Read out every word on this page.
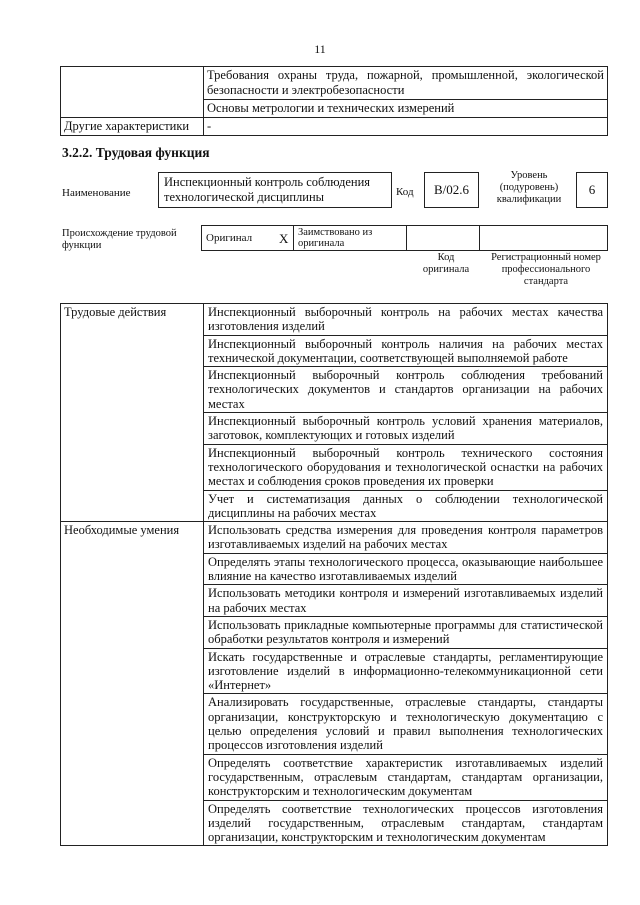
11
	Требования охраны труда, пожарной, промышленной, экологической безопасности и электробезопасности
	Основы метрологии и технических измерений
Другие характеристики	-
3.2.2. Трудовая функция
Наименование
Инспекционный контроль соблюдения технологической дисциплины	Код	B/02.6
Уровень (подуровень) квалификации
6
Происхождение трудовой функции
Оригинал	X	Заимствовано из оригинала		
Код оригинала
Регистрационный номер профессионального стандарта
Трудовые действия	Инспекционный выборочный контроль на рабочих местах качества изготовления изделий
	Инспекционный выборочный контроль наличия на рабочих местах технической документации, соответствующей выполняемой работе
	Инспекционный выборочный контроль соблюдения требований технологических документов и стандартов организации на рабочих местах
	Инспекционный выборочный контроль условий хранения материалов, заготовок, комплектующих и готовых изделий
	Инспекционный выборочный контроль технического состояния технологического оборудования и технологической оснастки на рабочих местах и соблюдения сроков проведения их проверки
	Учет и систематизация данных о соблюдении технологической дисциплины на рабочих местах
Необходимые умения	Использовать средства измерения для проведения контроля параметров изготавливаемых изделий на рабочих местах
	Определять этапы технологического процесса, оказывающие наибольшее влияние на качество изготавливаемых изделий
	Использовать методики контроля и измерений изготавливаемых изделий на рабочих местах
	Использовать прикладные компьютерные программы для статистической обработки результатов контроля и измерений
	Искать государственные и отраслевые стандарты, регламентирующие изготовление изделий в информационно-телекоммуникационной сети «Интернет»
	Анализировать государственные, отраслевые стандарты, стандарты организации, конструкторскую и технологическую документацию с целью определения условий и правил выполнения технологических процессов изготовления изделий
	Определять соответствие характеристик изготавливаемых изделий государственным, отраслевым стандартам, стандартам организации, конструкторским и технологическим документам
	Определять соответствие технологических процессов изготовления изделий государственным, отраслевым стандартам, стандартам организации, конструкторским и технологическим документам
